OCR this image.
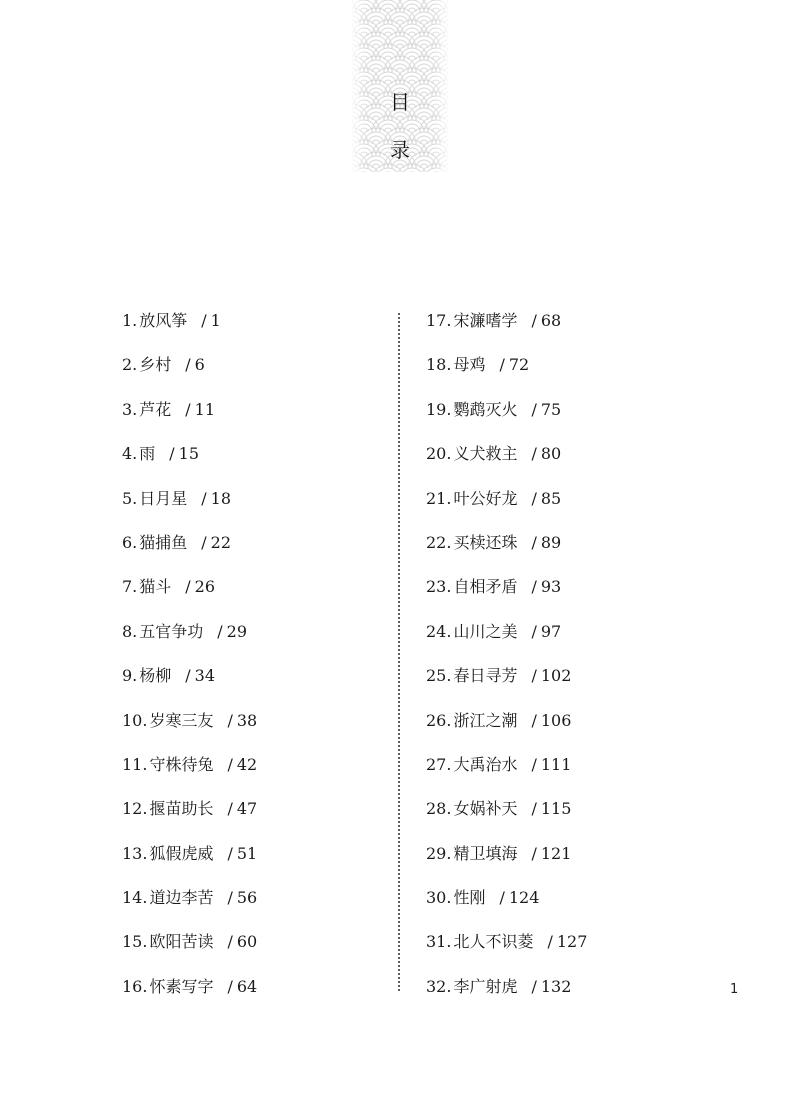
目
录
1. 放风筝 / 1
2. 乡村 / 6
3. 芦花 / 11
4. 雨 / 15
5. 日月星 / 18
6. 猫捕鱼 / 22
7. 猫斗 / 26
8. 五官争功 / 29
9. 杨柳 / 34
10. 岁寒三友 / 38
11. 守株待兔 / 42
12. 揠苗助长 / 47
13. 狐假虎威 / 51
14. 道边李苦 / 56
15. 欧阳苦读 / 60
16. 怀素写字 / 64
17. 宋濂嗜学 / 68
18. 母鸡 / 72
19. 鹦鹉灭火 / 75
20. 义犬救主 / 80
21. 叶公好龙 / 85
22. 买椟还珠 / 89
23. 自相矛盾 / 93
24. 山川之美 / 97
25. 春日寻芳 / 102
26. 浙江之潮 / 106
27. 大禹治水 / 111
28. 女娲补天 / 115
29. 精卫填海 / 121
30. 性刚 / 124
31. 北人不识菱 / 127
32. 李广射虎 / 132	1
